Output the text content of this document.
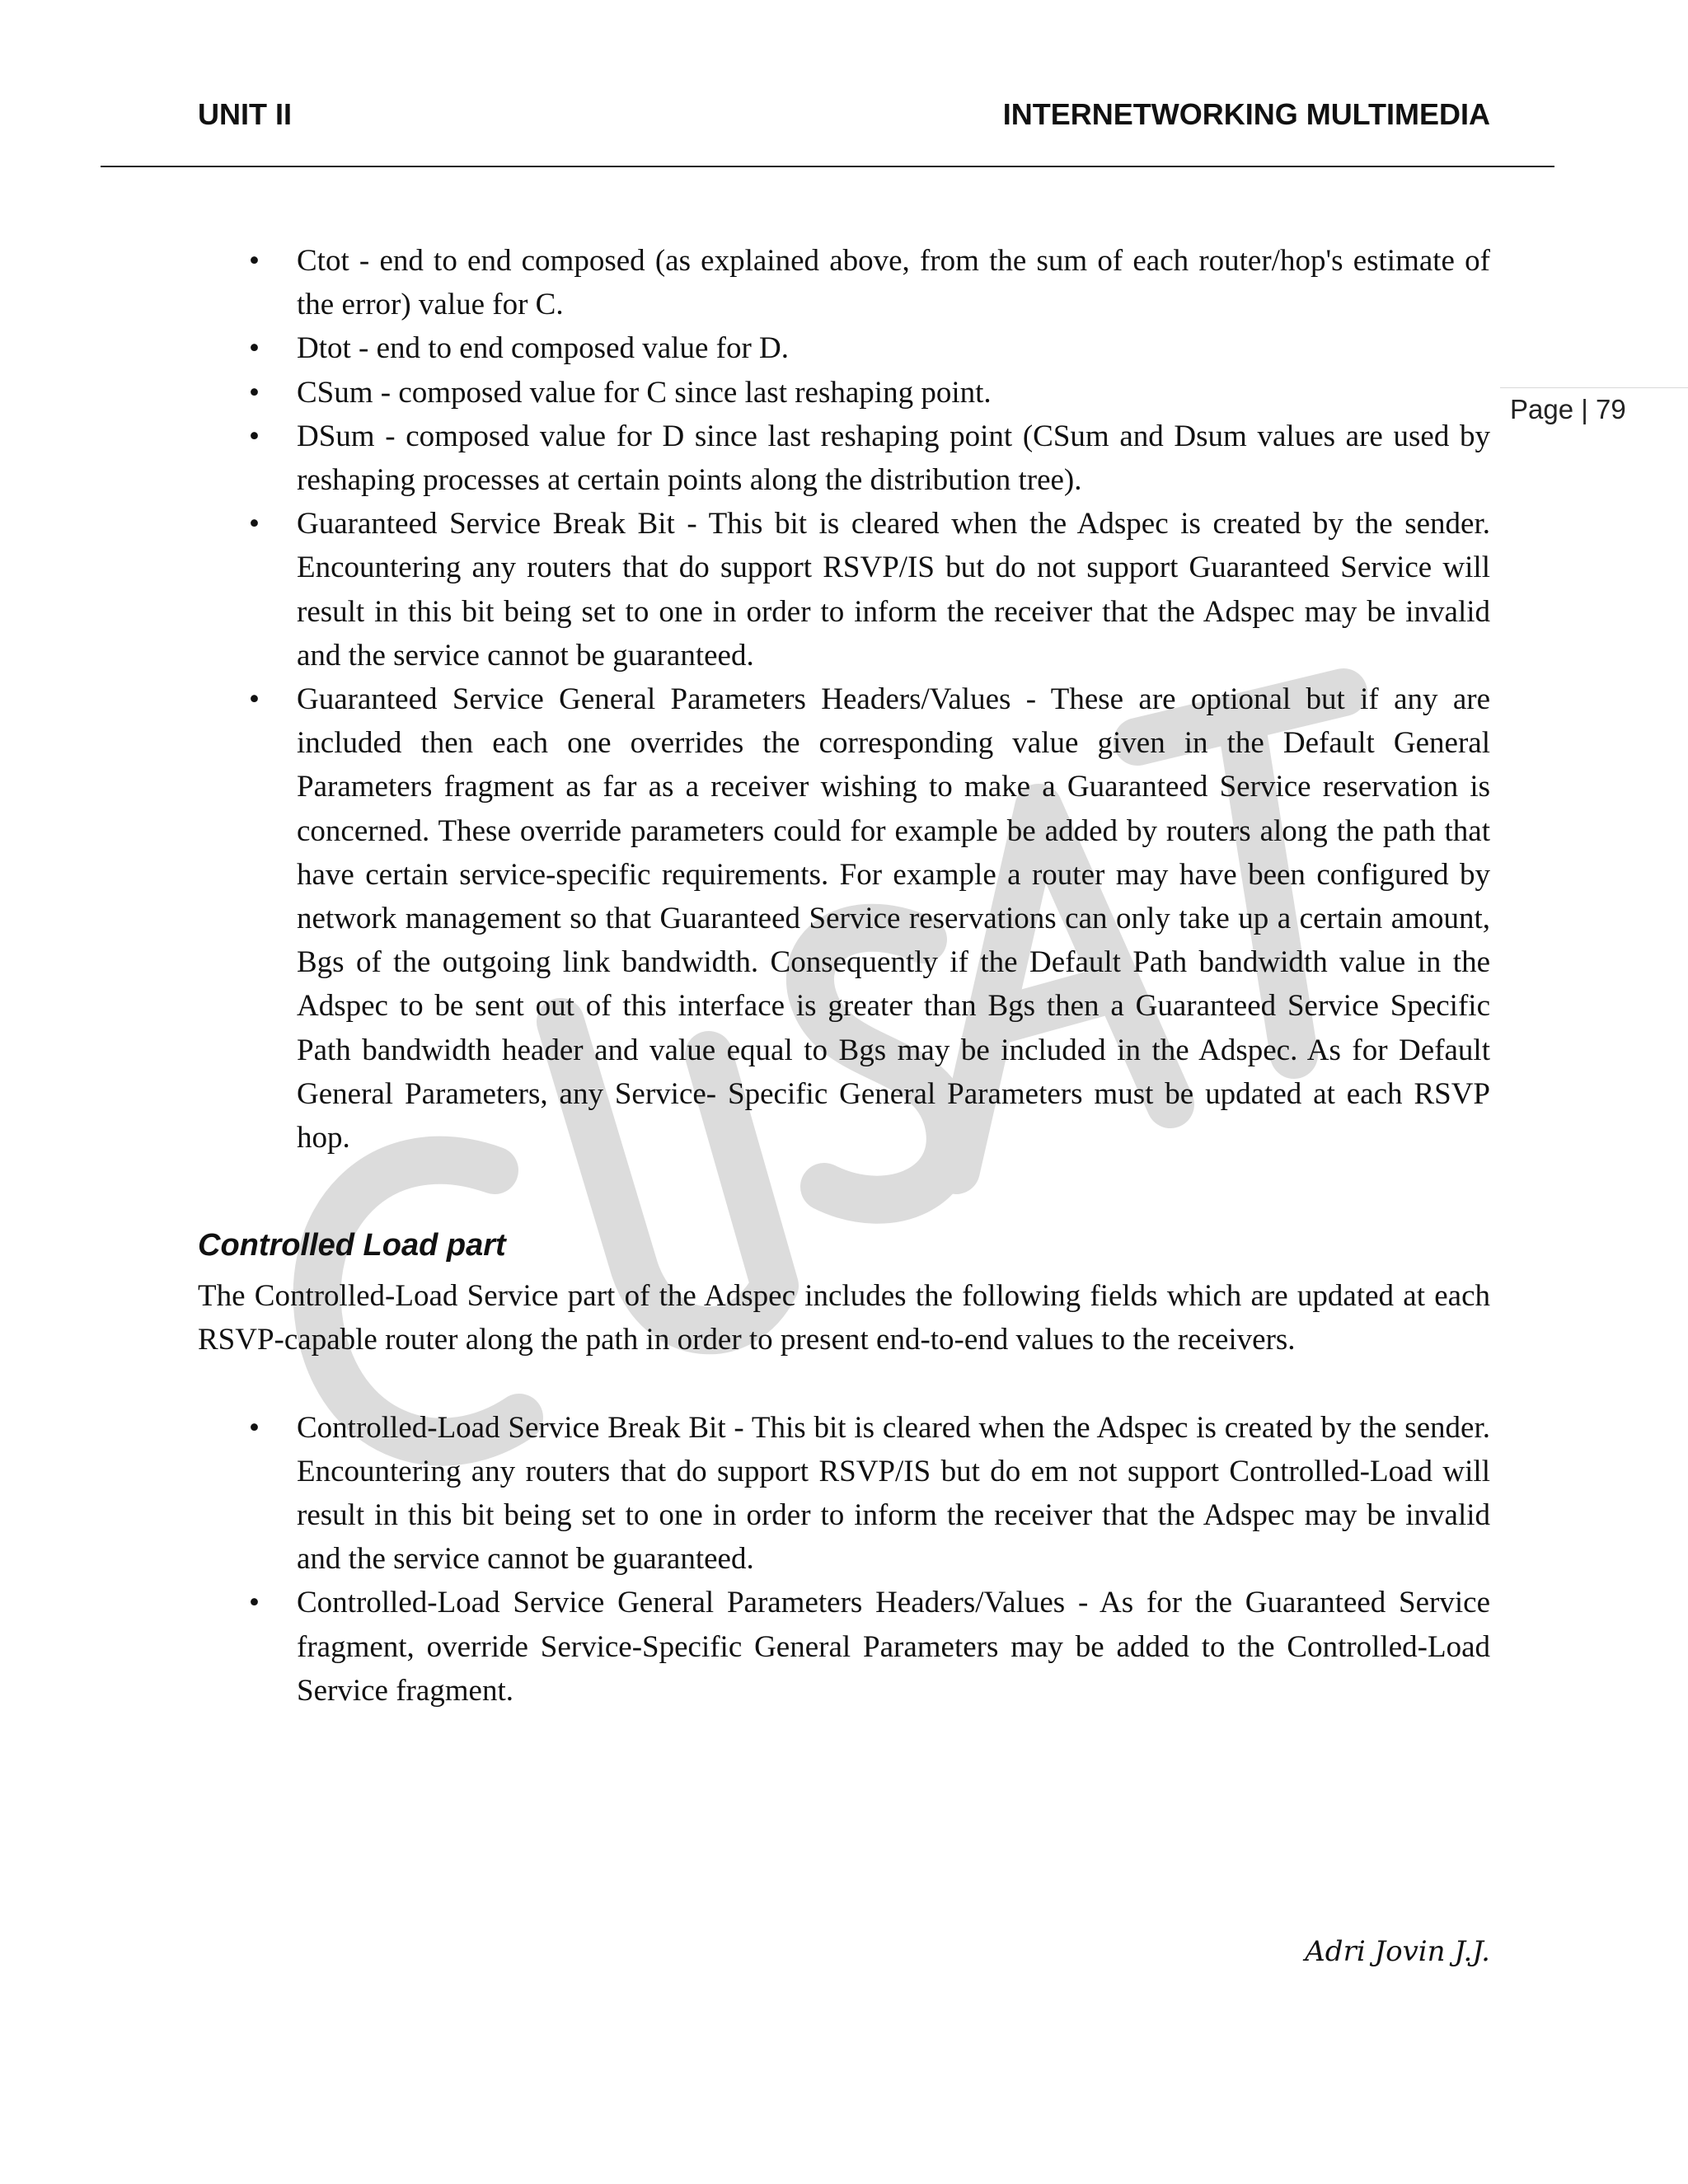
UNIT II	INTERNETWORKING MULTIMEDIA
Page | 79
• Ctot - end to end composed (as explained above, from the sum of each router/hop's estimate of the error) value for C.
• Dtot - end to end composed value for D.
• CSum - composed value for C since last reshaping point.
• DSum - composed value for D since last reshaping point (CSum and Dsum values are used by reshaping processes at certain points along the distribution tree).
• Guaranteed Service Break Bit - This bit is cleared when the Adspec is created by the sender. Encountering any routers that do support RSVP/IS but do not support Guaranteed Service will result in this bit being set to one in order to inform the receiver that the Adspec may be invalid and the service cannot be guaranteed.
• Guaranteed Service General Parameters Headers/Values - These are optional but if any are included then each one overrides the corresponding value given in the Default General Parameters fragment as far as a receiver wishing to make a Guaranteed Service reservation is concerned. These override parameters could for example be added by routers along the path that have certain service-specific requirements. For example a router may have been configured by network management so that Guaranteed Service reservations can only take up a certain amount, Bgs of the outgoing link bandwidth. Consequently if the Default Path bandwidth value in the Adspec to be sent out of this interface is greater than Bgs then a Guaranteed Service Specific Path bandwidth header and value equal to Bgs may be included in the Adspec. As for Default General Parameters, any Service- Specific General Parameters must be updated at each RSVP hop.
Controlled Load part
The Controlled-Load Service part of the Adspec includes the following fields which are updated at each RSVP-capable router along the path in order to present end-to-end values to the receivers.
• Controlled-Load Service Break Bit - This bit is cleared when the Adspec is created by the sender. Encountering any routers that do support RSVP/IS but do em not support Controlled-Load will result in this bit being set to one in order to inform the receiver that the Adspec may be invalid and the service cannot be guaranteed.
• Controlled-Load Service General Parameters Headers/Values - As for the Guaranteed Service fragment, override Service-Specific General Parameters may be added to the Controlled-Load Service fragment.
Adri Jovin J.J.
